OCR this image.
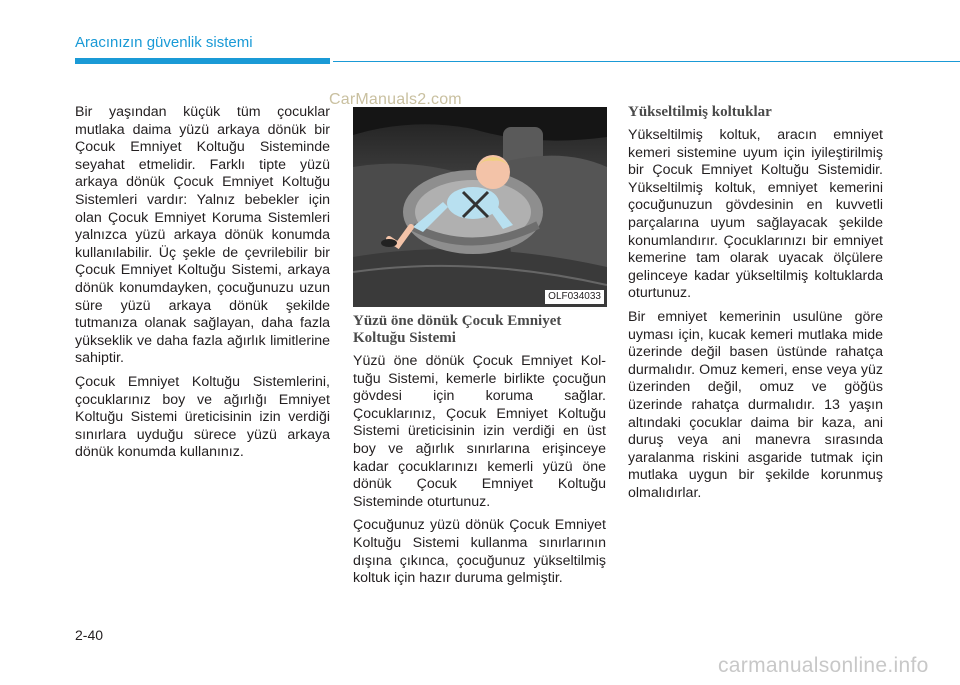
Aracınızın güvenlik sistemi

Bir yaşından küçük tüm çocuklar mutlaka daima yüzü arkaya dönük bir Çocuk Emniyet Koltuğu Sisteminde seyahat etmelidir. Farklı tipte yüzü arkaya dönük Çocuk Emniyet Koltuğu Sistemleri vardır: Yalnız bebekler için olan Çocuk Emniyet Koruma Sistemleri yalnızca yüzü arkaya dönük konumda kullanılabilir. Üç şekle de çevrilebilir bir Çocuk Emniyet Koltuğu Sistemi, arkaya dönük konumdayken, çocuğunuzu uzun süre yüzü arkaya dönük şekilde tutmanıza olanak sağlayan, daha fazla yükseklik ve daha fazla ağırlık limitlerine sahiptir.

Çocuk Emniyet Koltuğu Sistemlerini, çocuklarınız boy ve ağırlığı Emniyet Koltuğu Sistemi üreticisinin izin verdiği sınırlara uyduğu sürece yüzü arkaya dönük konumda kullanınız.

OLF034033
CarManuals2.com
Yüzü öne dönük Çocuk Emniyet Koltuğu Sistemi

Yüzü öne dönük Çocuk Emniyet Koltuğu Sistemi, kemerle birlikte çocuğun gövdesi için koruma sağlar. Çocuklarınız, Çocuk Emniyet Koltuğu Sistemi üreticisinin izin verdiği en üst boy ve ağırlık sınırlarına erişinceye kadar çocuklarınızı kemerli yüzü öne dönük Çocuk Emniyet Koltuğu Sisteminde oturtunuz.

Çocuğunuz yüzü dönük Çocuk Emniyet Koltuğu Sistemi kullanma sınırlarının dışına çıkınca, çocuğunuz yükseltilmiş koltuk için hazır duruma gelmiştir.

Yükseltilmiş koltuklar

Yükseltilmiş koltuk, aracın emniyet kemeri sistemine uyum için iyileştirilmiş bir Çocuk Emniyet Koltuğu Sistemidir. Yükseltilmiş koltuk, emniyet kemerini çocuğunuzun gövdesinin en kuvvetli parçalarına uyum sağlayacak şekilde konumlandırır. Çocuklarınızı bir emniyet kemerine tam olarak uyacak ölçülere gelinceye kadar yükseltilmiş koltuklarda oturtunuz.

Bir emniyet kemerinin usulüne göre uyması için, kucak kemeri mutlaka mide üzerinde değil basen üstünde rahatça durmalıdır. Omuz kemeri, ense veya yüz üzerinden değil, omuz ve göğüs üzerinde rahatça durmalıdır. 13 yaşın altındaki çocuklar daima bir kaza, ani duruş veya ani manevra sırasında yaralanma riskini asgaride tutmak için mutlaka uygun bir şekilde korunmuş olmalıdırlar.

2-40
carmanualsonline.info
